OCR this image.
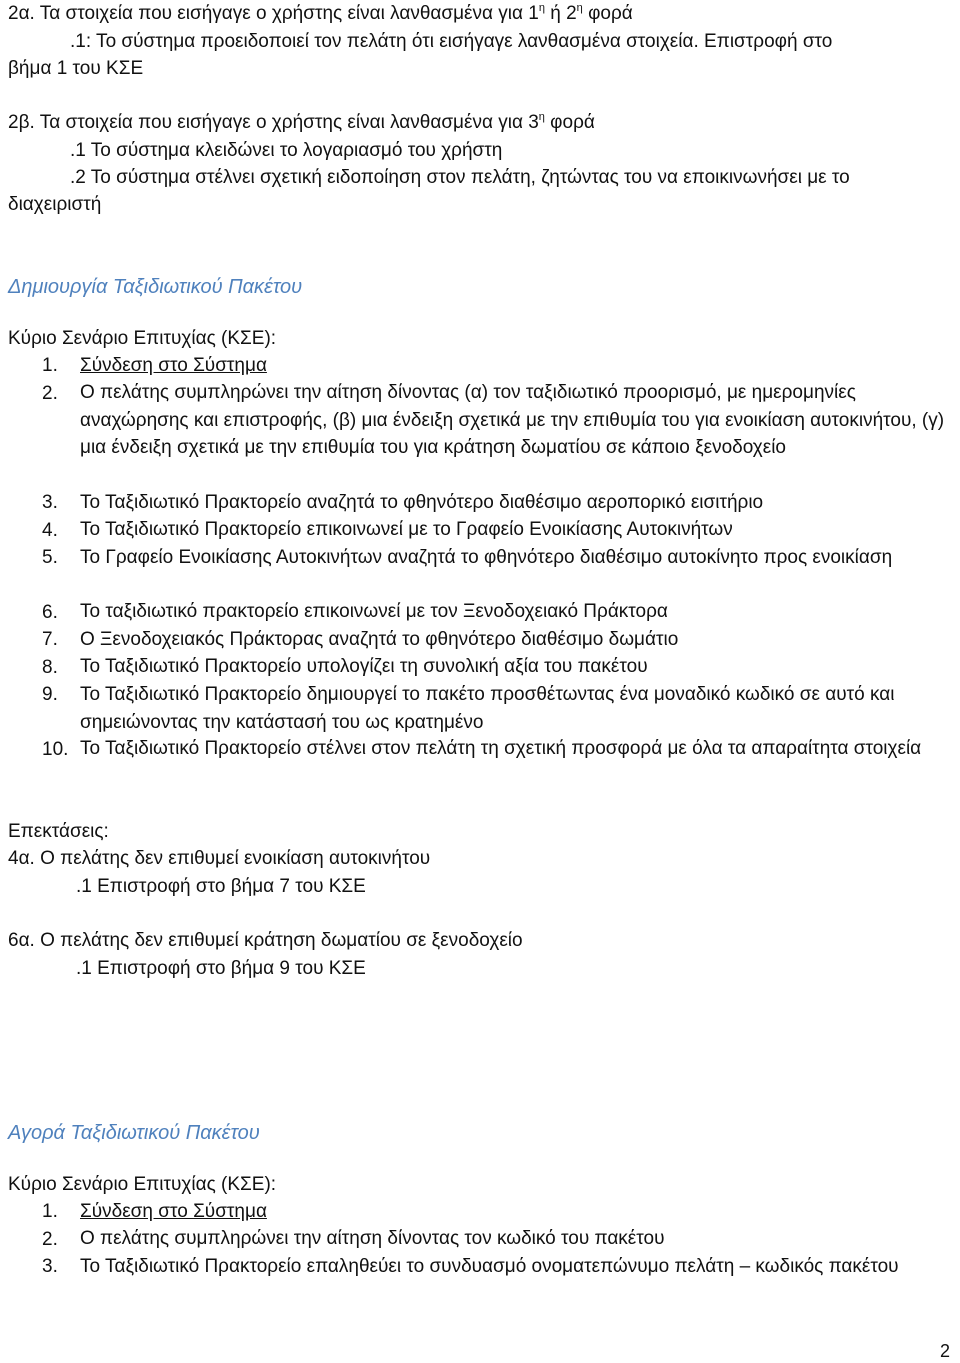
2α. Τα στοιχεία που εισήγαγε ο χρήστης είναι λανθασμένα για $1^\eta$ ή $2^\eta$ φορά
.1: Το σύστημα προειδοποιεί τον πελάτη ότι εισήγαγε λανθασμένα στοιχεία. Επιστροφή στο
βήμα 1 του ΚΣΕ
2β. Τα στοιχεία που εισήγαγε ο χρήστης είναι λανθασμένα για $3^\eta$ φορά
.1 Το σύστημα κλειδώνει το λογαριασμό του χρήστη
.2 Το σύστημα στέλνει σχετική ειδοποίηση στον πελάτη, ζητώντας του να εποικινωνήσει με το
διαχειριστή
Δημιουργία Ταξιδιωτικού Πακέτου
Κύριο Σενάριο Επιτυχίας (ΚΣΕ):
1.	Σύνδεση στο Σύστημα
2.	Ο πελάτης συμπληρώνει την αίτηση δίνοντας (α) τον ταξιδιωτικό προορισμό, με ημερομηνίες αναχώρησης και επιστροφής, (β) μια ένδειξη σχετικά με την επιθυμία του για ενοικίαση αυτοκινήτου, (γ) μια ένδειξη σχετικά με την επιθυμία του για κράτηση δωματίου σε κάποιο ξενοδοχείο
3.	Το Ταξιδιωτικό Πρακτορείο αναζητά το φθηνότερο διαθέσιμο αεροπορικό εισιτήριο
4.	Το Ταξιδιωτικό Πρακτορείο επικοινωνεί με το Γραφείο Ενοικίασης Αυτοκινήτων
5.	Το Γραφείο Ενοικίασης Αυτοκινήτων αναζητά το φθηνότερο διαθέσιμο αυτοκίνητο προς ενοικίαση
6.	Το ταξιδιωτικό πρακτορείο επικοινωνεί με τον Ξενοδοχειακό Πράκτορα
7.	Ο Ξενοδοχειακός Πράκτορας αναζητά το φθηνότερο διαθέσιμο δωμάτιο
8.	Το Ταξιδιωτικό Πρακτορείο υπολογίζει τη συνολική αξία του πακέτου
9.	Το Ταξιδιωτικό Πρακτορείο δημιουργεί το πακέτο προσθέτωντας ένα μοναδικό κωδικό σε αυτό και σημειώνοντας την κατάστασή του ως κρατημένο
10. Το Ταξιδιωτικό Πρακτορείο στέλνει στον πελάτη τη σχετική προσφορά με όλα τα απαραίτητα στοιχεία
Επεκτάσεις:
4α. Ο πελάτης δεν επιθυμεί ενοικίαση αυτοκινήτου
.1 Επιστροφή στο βήμα 7 του ΚΣΕ
6α. Ο πελάτης δεν επιθυμεί κράτηση δωματίου σε ξενοδοχείο
.1 Επιστροφή στο βήμα 9 του ΚΣΕ
Αγορά Ταξιδιωτικού Πακέτου
Κύριο Σενάριο Επιτυχίας (ΚΣΕ):
1.	Σύνδεση στο Σύστημα
2.	Ο πελάτης συμπληρώνει την αίτηση δίνοντας τον κωδικό του πακέτου
3.	Το Ταξιδιωτικό Πρακτορείο επαληθεύει το συνδυασμό ονοματεπώνυμο πελάτη – κωδικός πακέτου
2
